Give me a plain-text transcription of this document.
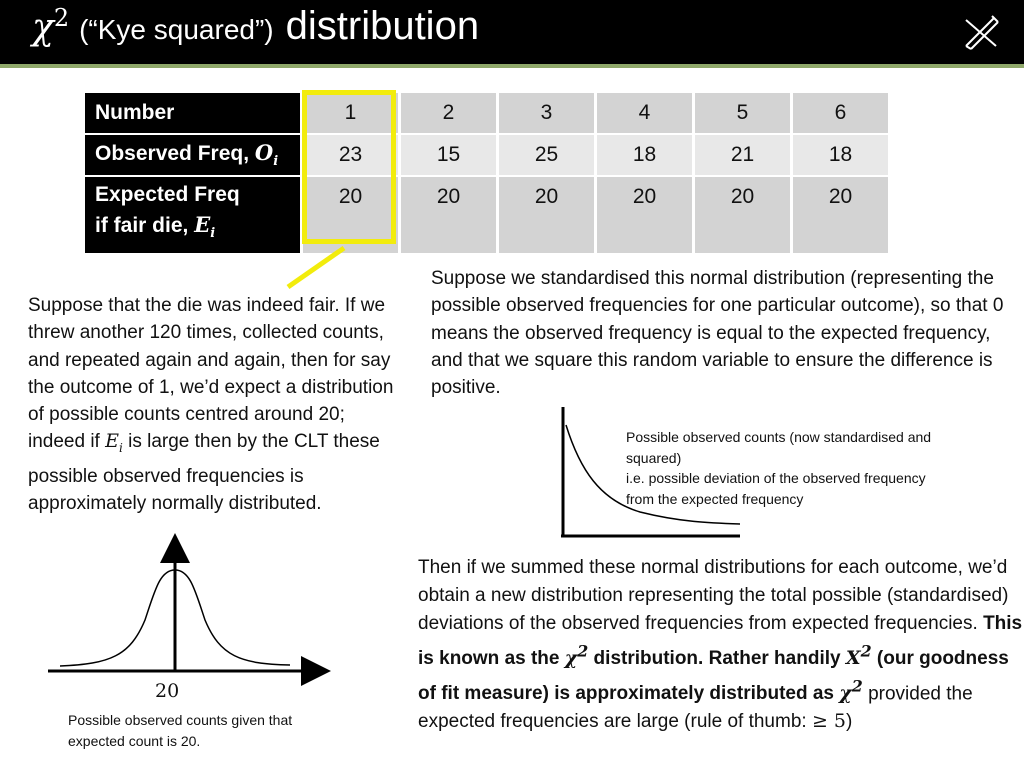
$\chi^2$ (“Kye squared”) distribution
Number	1	2	3	4	5	6
Observed Freq, $O_i$	23	15	25	18	21	18
Expected Freq
if fair die, $E_i$	20	20	20	20	20	20
Suppose that the die was indeed fair. If we threw another 120 times, collected counts, and repeated again and again, then for say the outcome of 1, we’d expect a distribution of possible counts centred around 20; indeed if $E_i$ is large then by the CLT these possible observed frequencies is approximately normally distributed.
Suppose we standardised this normal distribution (representing the possible observed frequencies for one particular outcome), so that 0 means the observed frequency is equal to the expected frequency, and that we square this random variable to ensure the difference is positive.
Possible observed counts (now standardised and squared)
i.e. possible deviation of the observed frequency from the expected frequency
20
Possible observed counts given that expected count is 20.
Then if we summed these normal distributions for each outcome, we’d obtain a new distribution representing the total possible (standardised) deviations of the observed frequencies from expected frequencies. This is known as the $\chi^2$ distribution. Rather handily $X^2$ (our goodness of fit measure) is approximately distributed as $\chi^2$ provided the expected frequencies are large (rule of thumb: ≥ 5)
